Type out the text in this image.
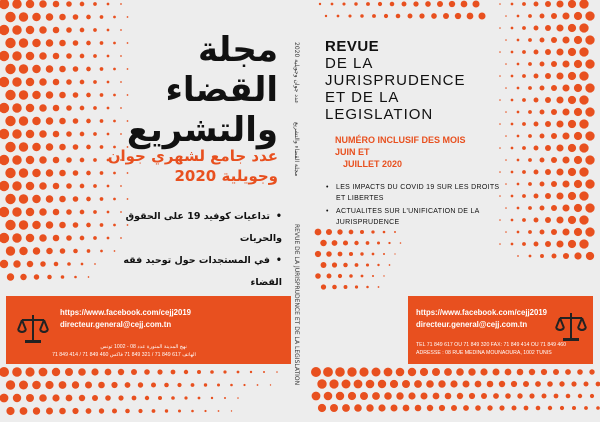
مجلة
القضاء
والتشريع
عدد جامع لشهري جوان
وجويلية 2020
• تداعيات كوفيد 19 على الحقوق والحريات
• في المستجدات حول توحيد فقه القضاء
2020 عدد جوان وجويلية
مجلة القضاء والتشريع
REVUE DE LA JURISPRUDENCE ET DE LA LEGISLATION
REVUE
DE LA
JURISPRUDENCE
ET DE LA
LEGISLATION
NUMÉRO INCLUSIF DES MOIS JUIN ET
JUILLET 2020
• LES IMPACTS DU COVID 19 SUR LES DROITS ET LIBERTES
• ACTUALITES SUR L'UNIFICATION DE LA JURISPRUDENCE
https://www.facebook.com/cejj2019
directeur.general@cejj.com.tn
نهج المدينة المنورة عدد 08 - 1002 تونس
الهاتف 617 849 71 / 321 849 71 فاكس 460 849 71 / 414 849 71
https://www.facebook.com/cejj2019
directeur.general@cejj.com.tn
TEL 71 849 617 OU 71 849 320 FAX: 71 849 414 OU 71 849 460
ADRESSE : 08 RUE MEDINA MOUNAOURA, 1002 TUNIS
